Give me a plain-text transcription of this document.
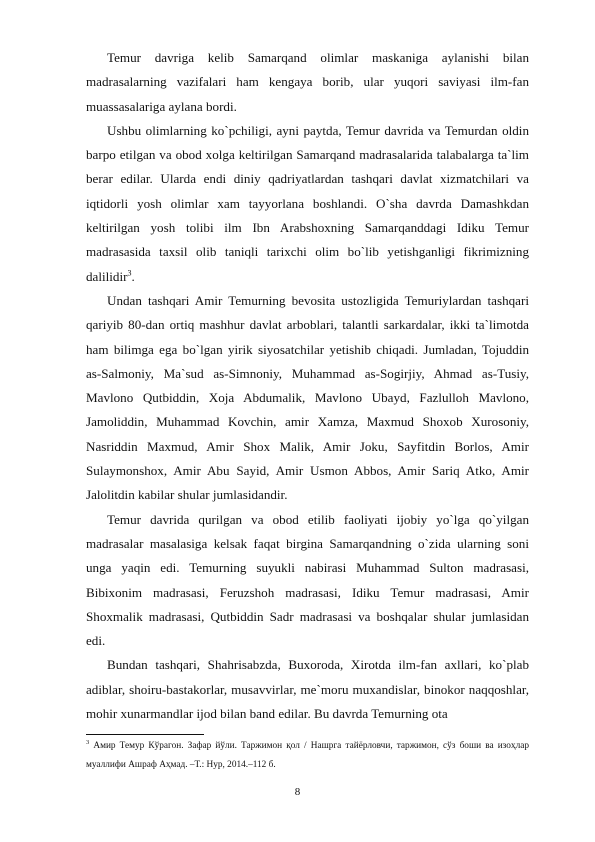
Temur davriga kelib Samarqand olimlar maskaniga aylanishi bilan madrasalarning vazifalari ham kengaya borib, ular yuqori saviyasi ilm-fan muassasalariga aylana bordi.

Ushbu olimlarning ko`pchiligi, ayni paytda, Temur davrida va Temurdan oldin barpo etilgan va obod xolga keltirilgan Samarqand madrasalarida talabalarga ta`lim berar edilar. Ularda endi diniy qadriyatlardan tashqari davlat xizmatchilari va iqtidorli yosh olimlar xam tayyorlana boshlandi. O`sha davrda Damashkdan keltirilgan yosh tolibi ilm Ibn Arabshoxning Samarqanddagi Idiku Temur madrasasida taxsil olib taniqli tarixchi olim bo`lib yetishganligi fikrimizning dalilidir$^3$.

Undan tashqari Amir Temurning bevosita ustozligida Temuriylardan tashqari qariyib 80-dan ortiq mashhur davlat arboblari, talantli sarkardalar, ikki ta`limotda ham bilimga ega bo`lgan yirik siyosatchilar yetishib chiqadi. Jumladan, Tojuddin as-Salmoniy, Ma`sud as-Simnoniy, Muhammad as-Sogirjiy, Ahmad as-Tusiy, Mavlono Qutbiddin, Xoja Abdumalik, Mavlono Ubayd, Fazlulloh Mavlono, Jamoliddin, Muhammad Kovchin, amir Xamza, Maxmud Shoxob Xurosoniy, Nasriddin Maxmud, Amir Shox Malik, Amir Joku, Sayfitdin Borlos, Amir Sulaymonshox, Amir Abu Sayid, Amir Usmon Abbos, Amir Sariq Atko, Amir Jalolitdin kabilar shular jumlasidandir.

Temur davrida qurilgan va obod etilib faoliyati ijobiy yo`lga qo`yilgan madrasalar masalasiga kelsak faqat birgina Samarqandning o`zida ularning soni unga yaqin edi. Temurning suyukli nabirasi Muhammad Sulton madrasasi, Bibixonim madrasasi, Feruzshoh madrasasi, Idiku Temur madrasasi, Amir Shoxmalik madrasasi, Qutbiddin Sadr madrasasi va boshqalar shular jumlasidan edi.

Bundan tashqari, Shahrisabzda, Buxoroda, Xirotda ilm-fan axllari, ko`plab adiblar, shoiru-bastakorlar, musavvirlar, me`moru muxandislar, binokor naqqoshlar, mohir xunarmandlar ijod bilan band edilar. Bu davrda Temurning ota

$^3$ Амир Темур Кўрагон. Зафар йўли. Таржимон қол / Нашрга тайёрловчи, таржимон, сўз боши ва изоҳлар муаллифи Ашраф Аҳмад. –Т.: Нур, 2014.–112 б.
8
